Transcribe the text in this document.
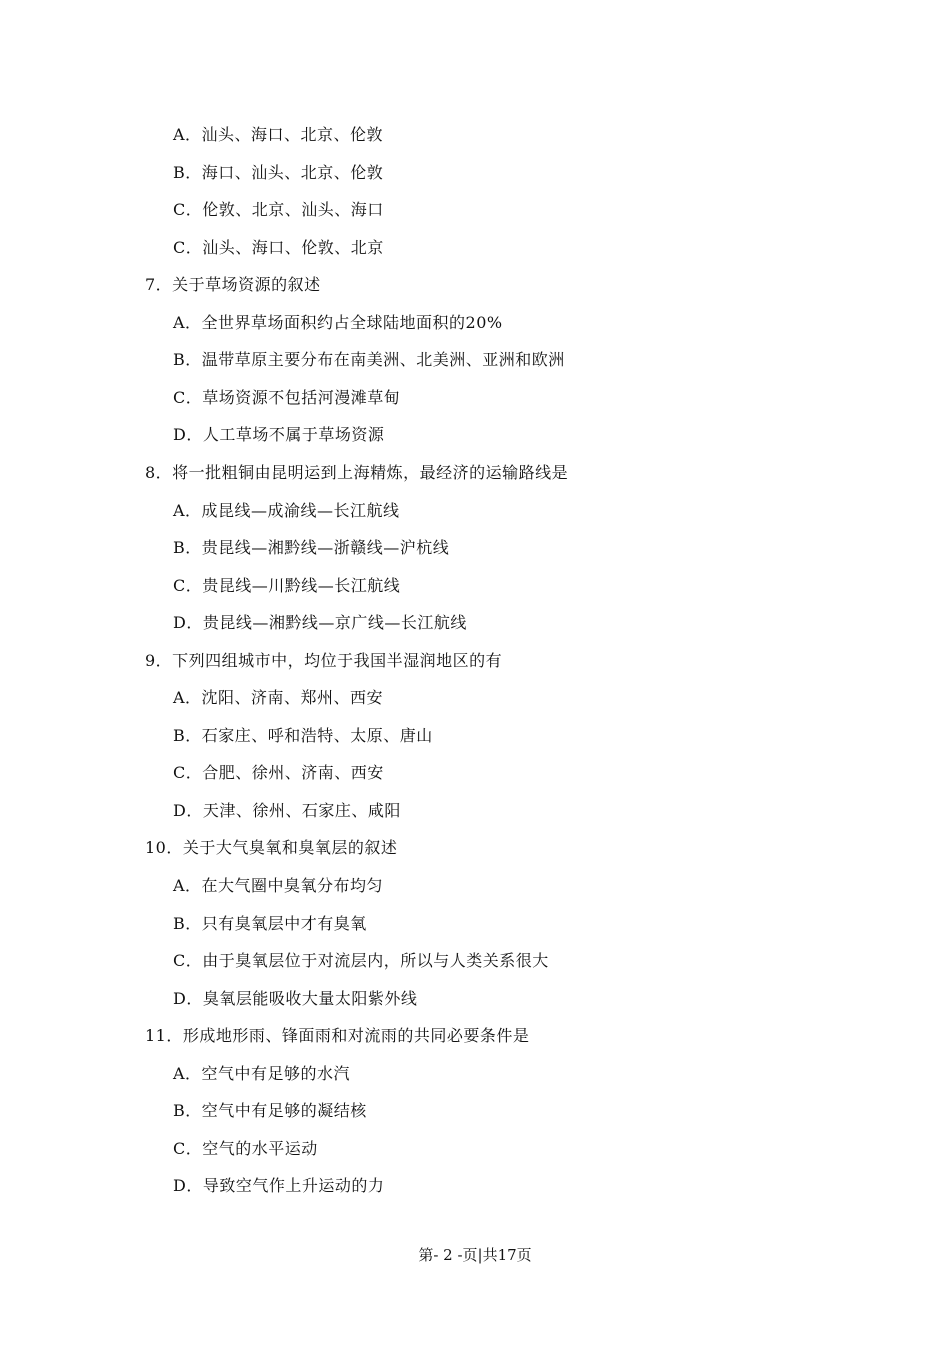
A．汕头、海口、北京、伦敦
B．海口、汕头、北京、伦敦
C．伦敦、北京、汕头、海口
C．汕头、海口、伦敦、北京
7．关于草场资源的叙述
A．全世界草场面积约占全球陆地面积的20%
B．温带草原主要分布在南美洲、北美洲、亚洲和欧洲
C．草场资源不包括河漫滩草甸
D．人工草场不属于草场资源
8．将一批粗铜由昆明运到上海精炼，最经济的运输路线是
A．成昆线—成渝线—长江航线
B．贵昆线—湘黔线—浙赣线—沪杭线
C．贵昆线—川黔线—长江航线
D．贵昆线—湘黔线—京广线—长江航线
9．下列四组城市中，均位于我国半湿润地区的有
A．沈阳、济南、郑州、西安
B．石家庄、呼和浩特、太原、唐山
C．合肥、徐州、济南、西安
D．天津、徐州、石家庄、咸阳
10．关于大气臭氧和臭氧层的叙述
A．在大气圈中臭氧分布均匀
B．只有臭氧层中才有臭氧
C．由于臭氧层位于对流层内，所以与人类关系很大
D．臭氧层能吸收大量太阳紫外线
11．形成地形雨、锋面雨和对流雨的共同必要条件是
A．空气中有足够的水汽
B．空气中有足够的凝结核
C．空气的水平运动
D．导致空气作上升运动的力
第- 2 -页|共17页
